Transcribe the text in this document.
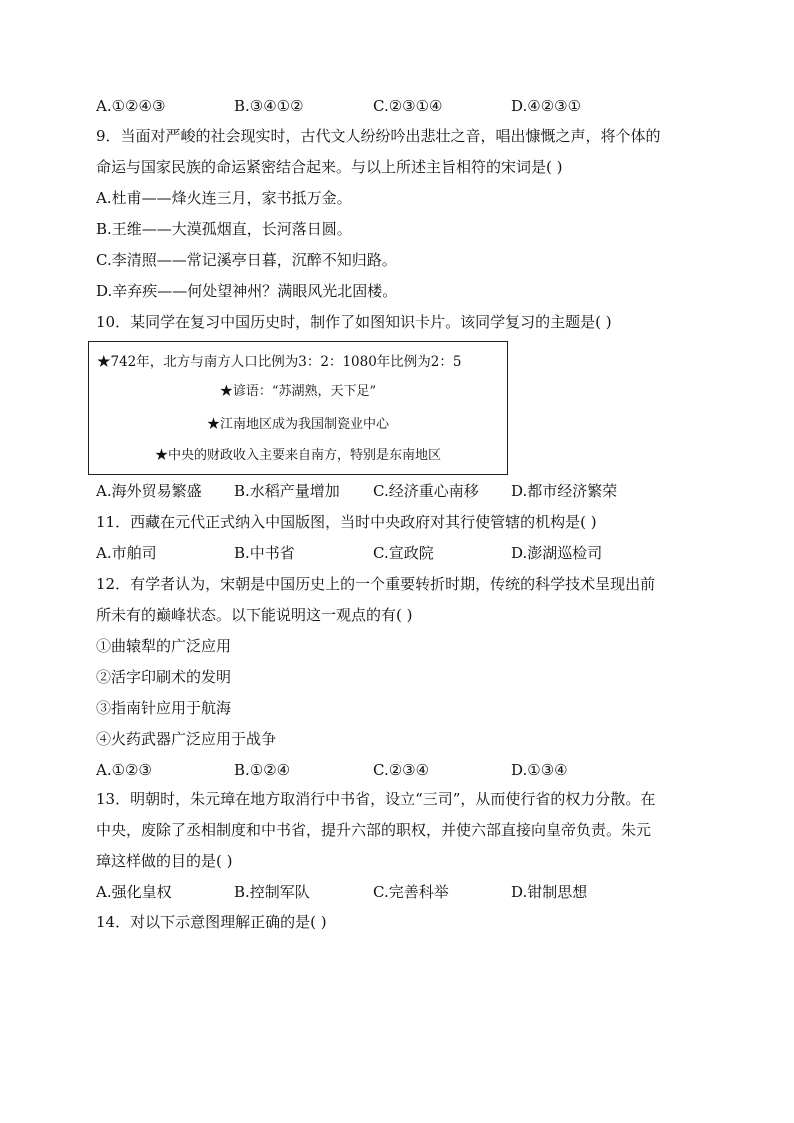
A.①②④③	B.③④①②	C.②③①④	D.④②③①
9．当面对严峻的社会现实时，古代文人纷纷吟出悲壮之音，唱出慷慨之声，将个体的
命运与国家民族的命运紧密结合起来。与以上所述主旨相符的宋词是( )
A.杜甫——烽火连三月，家书抵万金。
B.王维——大漠孤烟直，长河落日圆。
C.李清照——常记溪亭日暮，沉醉不知归路。
D.辛弃疾——何处望神州？满眼风光北固楼。
10．某同学在复习中国历史时，制作了如图知识卡片。该同学复习的主题是( )
★742年，北方与南方人口比例为3：2：1080年比例为2：5
★谚语：“苏湖熟，天下足”
★江南地区成为我国制瓷业中心
★中央的财政收入主要来自南方，特别是东南地区
A.海外贸易繁盛 B.水稻产量增加 C.经济重心南移 D.都市经济繁荣
11．西藏在元代正式纳入中国版图，当时中央政府对其行使管辖的机构是( )
A.市舶司	B.中书省	C.宣政院	D.澎湖巡检司
12．有学者认为，宋朝是中国历史上的一个重要转折时期，传统的科学技术呈现出前
所未有的巅峰状态。以下能说明这一观点的有( )
①曲辕犁的广泛应用
②活字印刷术的发明
③指南针应用于航海
④火药武器广泛应用于战争
A.①②③	B.①②④	C.②③④	D.①③④
13．明朝时，朱元璋在地方取消行中书省，设立“三司”，从而使行省的权力分散。在
中央，废除了丞相制度和中书省，提升六部的职权，并使六部直接向皇帝负责。朱元
璋这样做的目的是( )
A.强化皇权	B.控制军队	C.完善科举	D.钳制思想
14．对以下示意图理解正确的是( )
